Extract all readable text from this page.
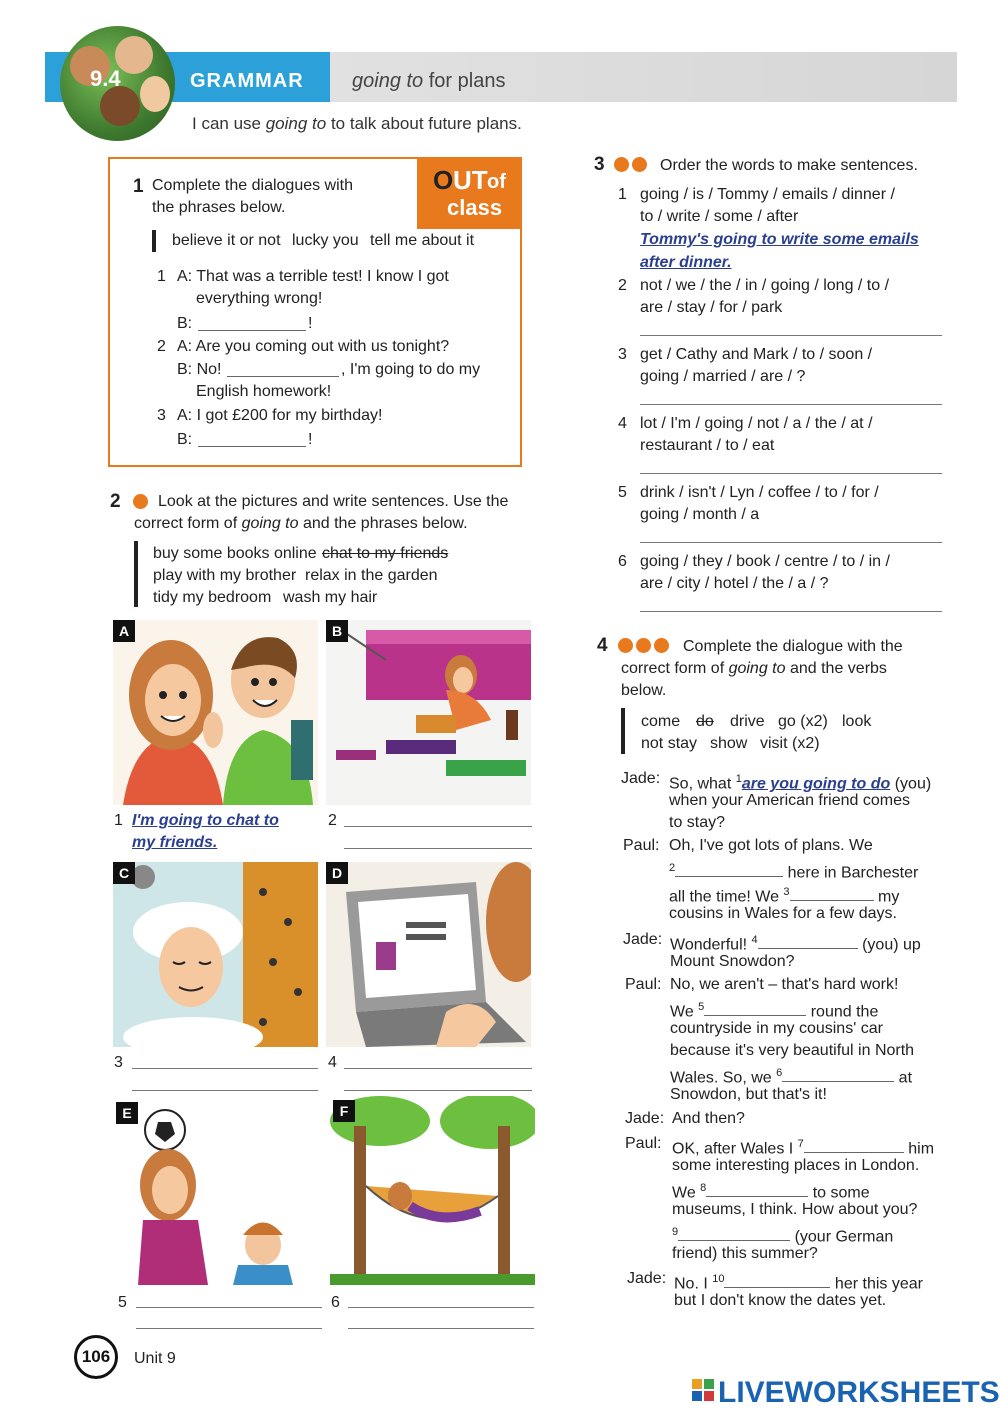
9.4	GRAMMAR going to for plans
I can use going to to talk about future plans.
O UT of
class
1 Complete the dialogues with
the phrases below.
believe it or not lucky you tell me about it
1 A: That was a terrible test! I know I got
everything wrong!
B:	!
2 A: Are you coming out with us tonight?
B: No!	, I'm going to do my
English homework!
3 A: I got £200 for my birthday!
B:	!
2 Look at the pictures and write sentences. Use the
correct form of going to and the phrases below.
buy some books online chat to my friends
play with my brother relax in the garden
tidy my bedroom wash my hair
A	B
1 I'm going to chat to
my friends.
2
C	D
3	4
E	F
5	6
3	Order the words to make sentences.
1 going / is / Tommy / emails / dinner /
to / write / some / after
Tommy's going to write some emails
after dinner.
2 not / we / the / in / going / long / to /
are / stay / for / park
3 get / Cathy and Mark / to / soon /
going / married / are / ?
4 lot / I'm / going / not / a / the / at /
restaurant / to / eat
5 drink / isn't / Lyn / coffee / to / for /
going / month / a
6 going / they / book / centre / to / in /
are / city / hotel / the / a / ?
4	Complete the dialogue with the
correct form of going to and the verbs
below.
come do drive go (x2) look
not stay show visit (x2)
Jade: So, what $^1$are you going to do (you)
when your American friend comes
to stay?
Paul: Oh, I've got lots of plans. We
$^2$	here in Barchester
all the time! We $^3$	my
cousins in Wales for a few days.
Jade: Wonderful! $^4$	(you) up
Mount Snowdon?
Paul: No, we aren't – that's hard work!
We $^5$	round the
countryside in my cousins' car
because it's very beautiful in North
Wales. So, we $^6$	at
Snowdon, but that's it!
Jade: And then?
Paul: OK, after Wales I $^7$	him
some interesting places in London.
We $^8$	to some
museums, I think. How about you?
$^9$	(your German
friend) this summer?
Jade: No. I $^{10}$	her this year
but I don't know the dates yet.
106	Unit 9
LIVEWORKSHEETS
